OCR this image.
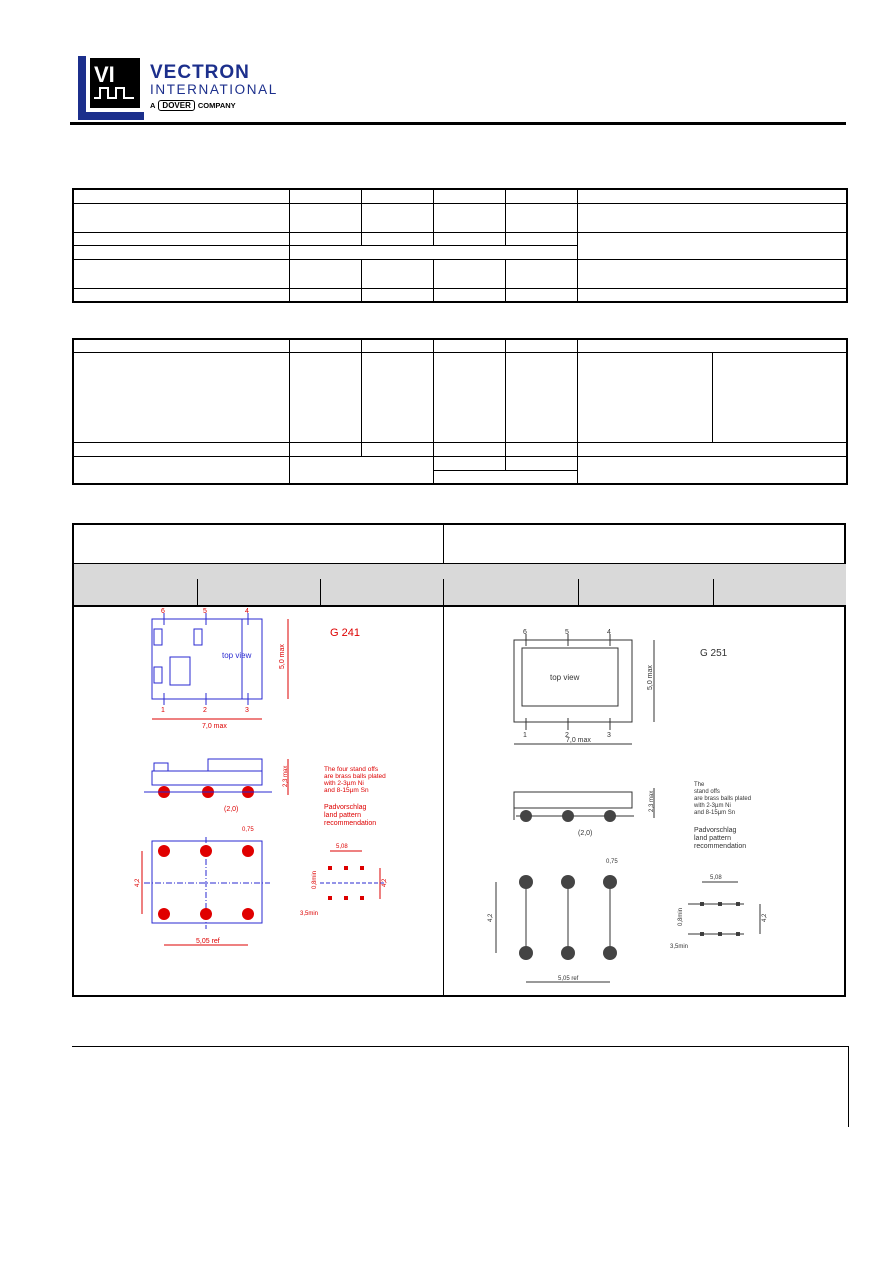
VI VECTRON
INTERNATIONAL
A DOVER COMPANY

6	5	4
1	2	3
top view
G 241
7,0 max
5,0 max
2,3 max
(2,0)
The four stand offs
are brass balls plated
with 2-3µm Ni
and 8-15µm Sn
Padvorschlag
land pattern
recommendation
0,75
4,2
5,05 ref
5,08
0,8min
3,5min
4,2
6	5	4
1	2	3
top view
G 251
7,0 max
5,0 max
2,3 max
(2,0)
The
stand offs
are brass balls plated
with 2-3µm Ni
and 8-15µm Sn
Padvorschlag
land pattern
recommendation
0,75
4,2
5,05 ref
5,08
0,8min
3,5min
4,2
